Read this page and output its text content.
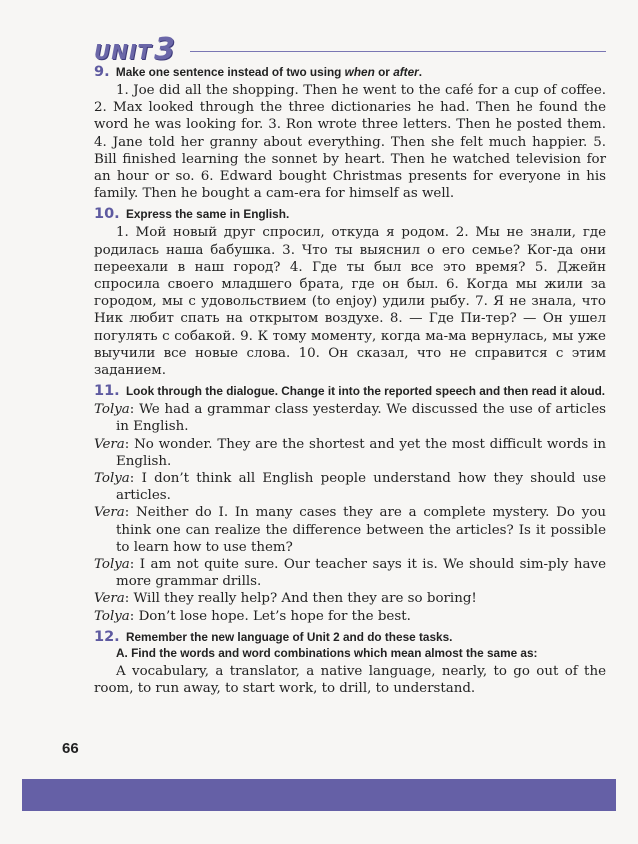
UNIT3

9. Make one sentence instead of two using when or after.

1. Joe did all the shopping. Then he went to the café for a cup of coffee. 2. Max looked through the three dictionaries he had. Then he found the word he was looking for. 3. Ron wrote three letters. Then he posted them. 4. Jane told her granny about everything. Then she felt much happier. 5. Bill finished learning the sonnet by heart. Then he watched television for an hour or so. 6. Edward bought Christmas presents for everyone in his family. Then he bought a cam-era for himself as well.

10. Express the same in English.

1. Мой новый друг спросил, откуда я родом. 2. Мы не знали, где родилась наша бабушка. 3. Что ты выяснил о его семье? Ког-да они переехали в наш город? 4. Где ты был все это время? 5. Джейн спросила своего младшего брата, где он был. 6. Когда мы жили за городом, мы с удовольствием (to enjoy) удили рыбу. 7. Я не знала, что Ник любит спать на открытом воздухе. 8. — Где Пи-тер? — Он ушел погулять с собакой. 9. К тому моменту, когда ма-ма вернулась, мы уже выучили все новые слова. 10. Он сказал, что не справится с этим заданием.

11. Look through the dialogue. Change it into the reported speech and then read it aloud.

Tolya: We had a grammar class yesterday. We discussed the use of articles in English.

Vera: No wonder. They are the shortest and yet the most difficult words in English.

Tolya: I don’t think all English people understand how they should use articles.

Vera: Neither do I. In many cases they are a complete mystery. Do you think one can realize the difference between the articles? Is it possible to learn how to use them?

Tolya: I am not quite sure. Our teacher says it is. We should sim-ply have more grammar drills.

Vera: Will they really help? And then they are so boring!

Tolya: Don’t lose hope. Let’s hope for the best.

12. Remember the new language of Unit 2 and do these tasks.

A. Find the words and word combinations which mean almost the same as:

A vocabulary, a translator, a native language, nearly, to go out of the room, to run away, to start work, to drill, to understand.

66
